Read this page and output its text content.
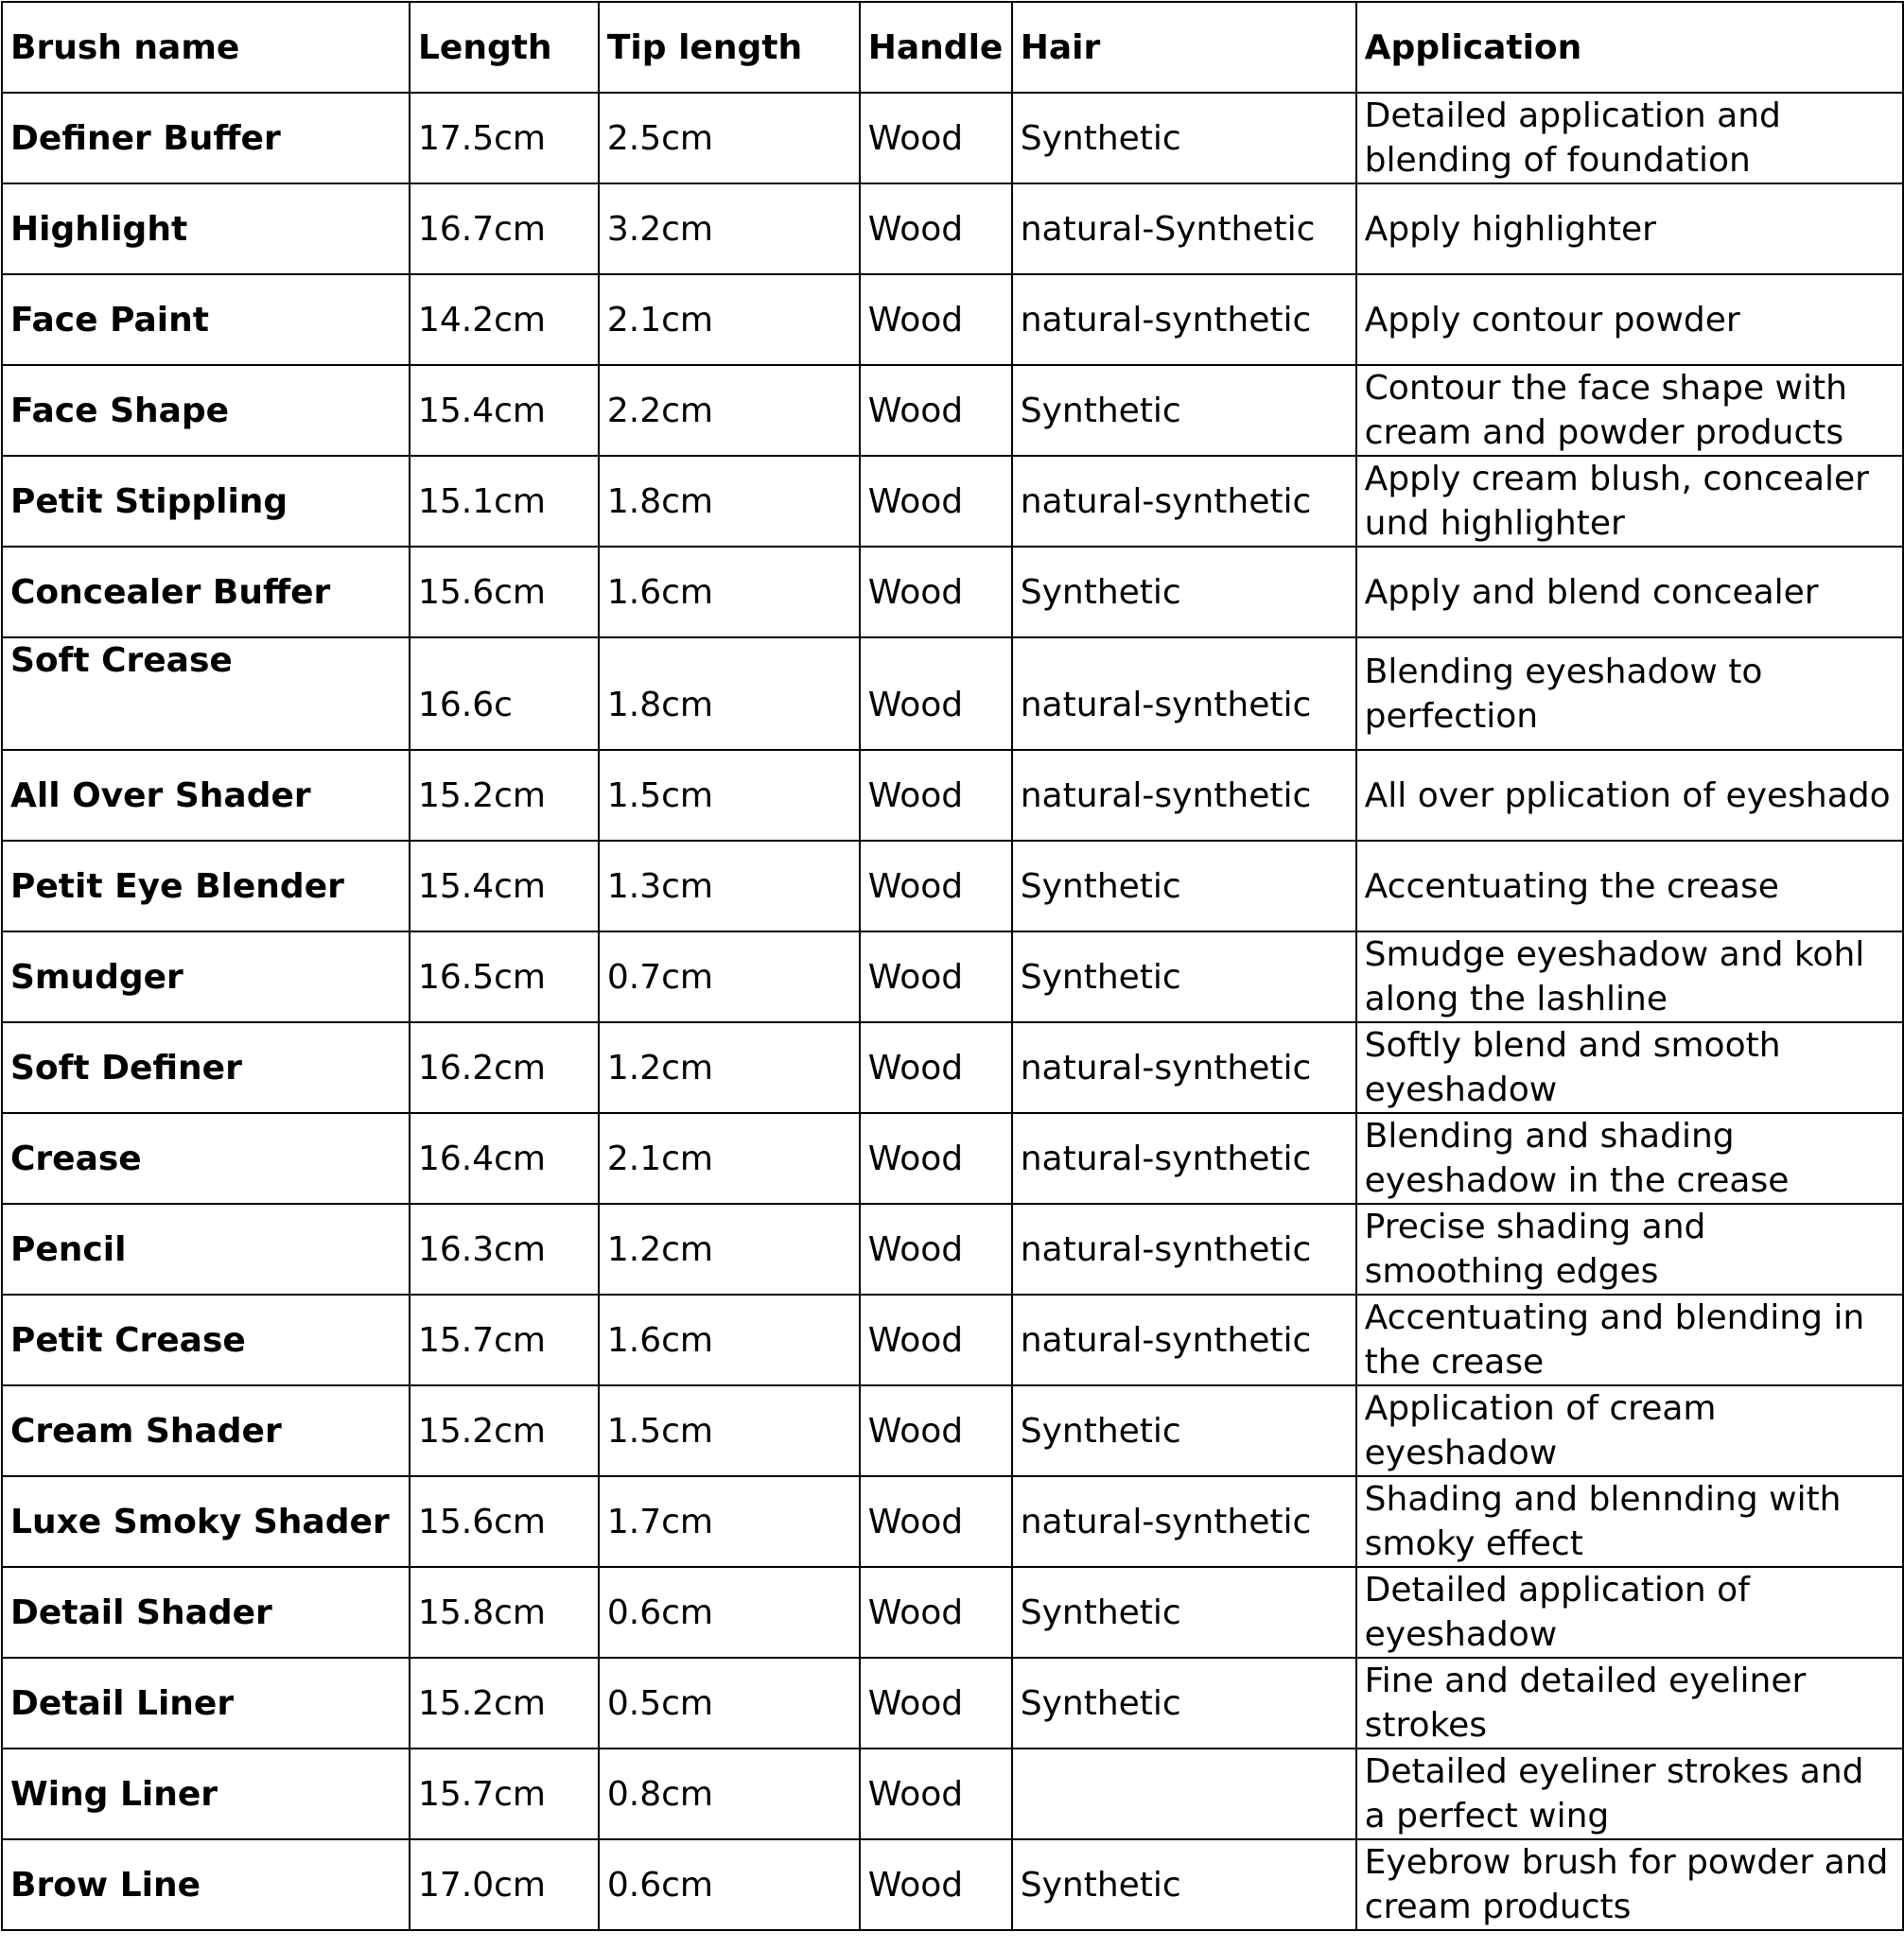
Brush name	Length	Tip length	Handle	Hair	Application
Definer Buffer	17.5cm	2.5cm	Wood	Synthetic	Detailed application and blending of foundation
Highlight	16.7cm	3.2cm	Wood	natural-Synthetic	Apply highlighter
Face Paint	14.2cm	2.1cm	Wood	natural-synthetic	Apply contour powder
Face Shape	15.4cm	2.2cm	Wood	Synthetic	Contour the face shape with cream and powder products
Petit Stippling	15.1cm	1.8cm	Wood	natural-synthetic	Apply cream blush, concealer und highlighter
Concealer Buffer	15.6cm	1.6cm	Wood	Synthetic	Apply and blend concealer
Soft Crease	16.6c	1.8cm	Wood	natural-synthetic	Blending eyeshadow to perfection
All Over Shader	15.2cm	1.5cm	Wood	natural-synthetic	All over pplication of eyeshado
Petit Eye Blender	15.4cm	1.3cm	Wood	Synthetic	Accentuating the crease
Smudger	16.5cm	0.7cm	Wood	Synthetic	Smudge eyeshadow and kohl along the lashline
Soft Definer	16.2cm	1.2cm	Wood	natural-synthetic	Softly blend and smooth eyeshadow
Crease	16.4cm	2.1cm	Wood	natural-synthetic	Blending and shading eyeshadow in the crease
Pencil	16.3cm	1.2cm	Wood	natural-synthetic	Precise shading and smoothing edges
Petit Crease	15.7cm	1.6cm	Wood	natural-synthetic	Accentuating and blending in the crease
Cream Shader	15.2cm	1.5cm	Wood	Synthetic	Application of cream eyeshadow
Luxe Smoky Shader	15.6cm	1.7cm	Wood	natural-synthetic	Shading and blennding with smoky effect
Detail Shader	15.8cm	0.6cm	Wood	Synthetic	Detailed application of eyeshadow
Detail Liner	15.2cm	0.5cm	Wood	Synthetic	Fine and detailed eyeliner strokes
Wing Liner	15.7cm	0.8cm	Wood		Detailed eyeliner strokes and a perfect wing
Brow Line	17.0cm	0.6cm	Wood	Synthetic	Eyebrow brush for powder and cream products
